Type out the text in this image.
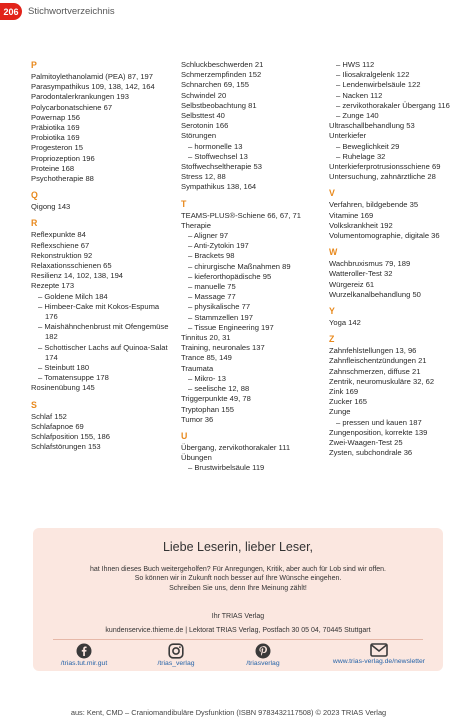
206 Stichwortverzeichnis
P
Palmitoylethanolamid (PEA) 87, 197
Parasympathikus 109, 138, 142, 164
Parodontalerkrankungen 193
Polycarbonatschiene 67
Powernap 156
Präbiotika 169
Probiotika 169
Progesteron 15
Propriozeption 196
Proteine 168
Psychotherapie 88
Q
Qigong 143
R
Reflexpunkte 84
Reflexschiene 67
Rekonstruktion 92
Relaxationsschienen 65
Resilienz 14, 102, 138, 194
Rezepte 173
– Goldene Milch 184
– Himbeer-Cake mit Kokos-Espuma 176
– Maishähnchenbrust mit Ofengemüse 182
– Schottischer Lachs auf Quinoa-Salat 174
– Steinbutt 180
– Tomatensuppe 178
Rosinenübung 145
S
Schlaf 152
Schlafapnoe 69
Schlafposition 155, 186
Schlafstörungen 153
Schluckbeschwerden 21
Schmerzempfinden 152
Schnarchen 69, 155
Schwindel 20
Selbstbeobachtung 81
Selbsttest 40
Serotonin 166
Störungen
– hormonelle 13
– Stoffwechsel 13
Stoffwechseltherapie 53
Stress 12, 88
Sympathikus 138, 164
T
TEAMS-PLUS®-Schiene 66, 67, 71
Therapie
– Aligner 97
– Anti-Zytokin 197
– Brackets 98
– chirurgische Maßnahmen 89
– kieferorthopädische 95
– manuelle 75
– Massage 77
– physikalische 77
– Stammzellen 197
– Tissue Engineering 197
Tinnitus 20, 31
Training, neuronales 137
Trance 85, 149
Traumata
– Mikro- 13
– seelische 12, 88
Triggerpunkte 49, 78
Tryptophan 155
Tumor 36
U
Übergang, zervikothorakaler 111
Übungen
– Brustwirbelsäule 119
– HWS 112
– Iliosakralgelenk 122
– Lendenwirbelsäule 122
– Nacken 112
– zervikothorakaler Übergang 116
– Zunge 140
Ultraschallbehandlung 53
Unterkiefer
– Beweglichkeit 29
– Ruhelage 32
Unterkieferprotrusionsschiene 69
Untersuchung, zahnärztliche 28
V
Verfahren, bildgebende 35
Vitamine 169
Volkskrankheit 192
Volumentomographie, digitale 36
W
Wachbruxismus 79, 189
Watteroller-Test 32
Würgereiz 61
Wurzelkanalbehandlung 50
Y
Yoga 142
Z
Zahnfehlstellungen 13, 96
Zahnfleischentzündungen 21
Zahnschmerzen, diffuse 21
Zentrik, neuromuskuläre 32, 62
Zink 169
Zucker 165
Zunge
– pressen und kauen 187
Zungenposition, korrekte 139
Zwei-Waagen-Test 25
Zysten, subchondrale 36
Liebe Leserin, lieber Leser,
hat Ihnen dieses Buch weitergeholfen? Für Anregungen, Kritik, aber auch für Lob sind wir offen.
So können wir in Zukunft noch besser auf Ihre Wünsche eingehen.
Schreiben Sie uns, denn Ihre Meinung zählt!
Ihr TRIAS Verlag
kundenservice.thieme.de | Lektorat TRIAS Verlag, Postfach 30 05 04, 70445 Stuttgart
/trias.tut.mir.gut	/trias_verlag	/triasverlag	www.trias-verlag.de/newsletter
aus: Kent, CMD – Craniomandibuläre Dysfunktion (ISBN 9783432117508) © 2023 TRIAS Verlag
